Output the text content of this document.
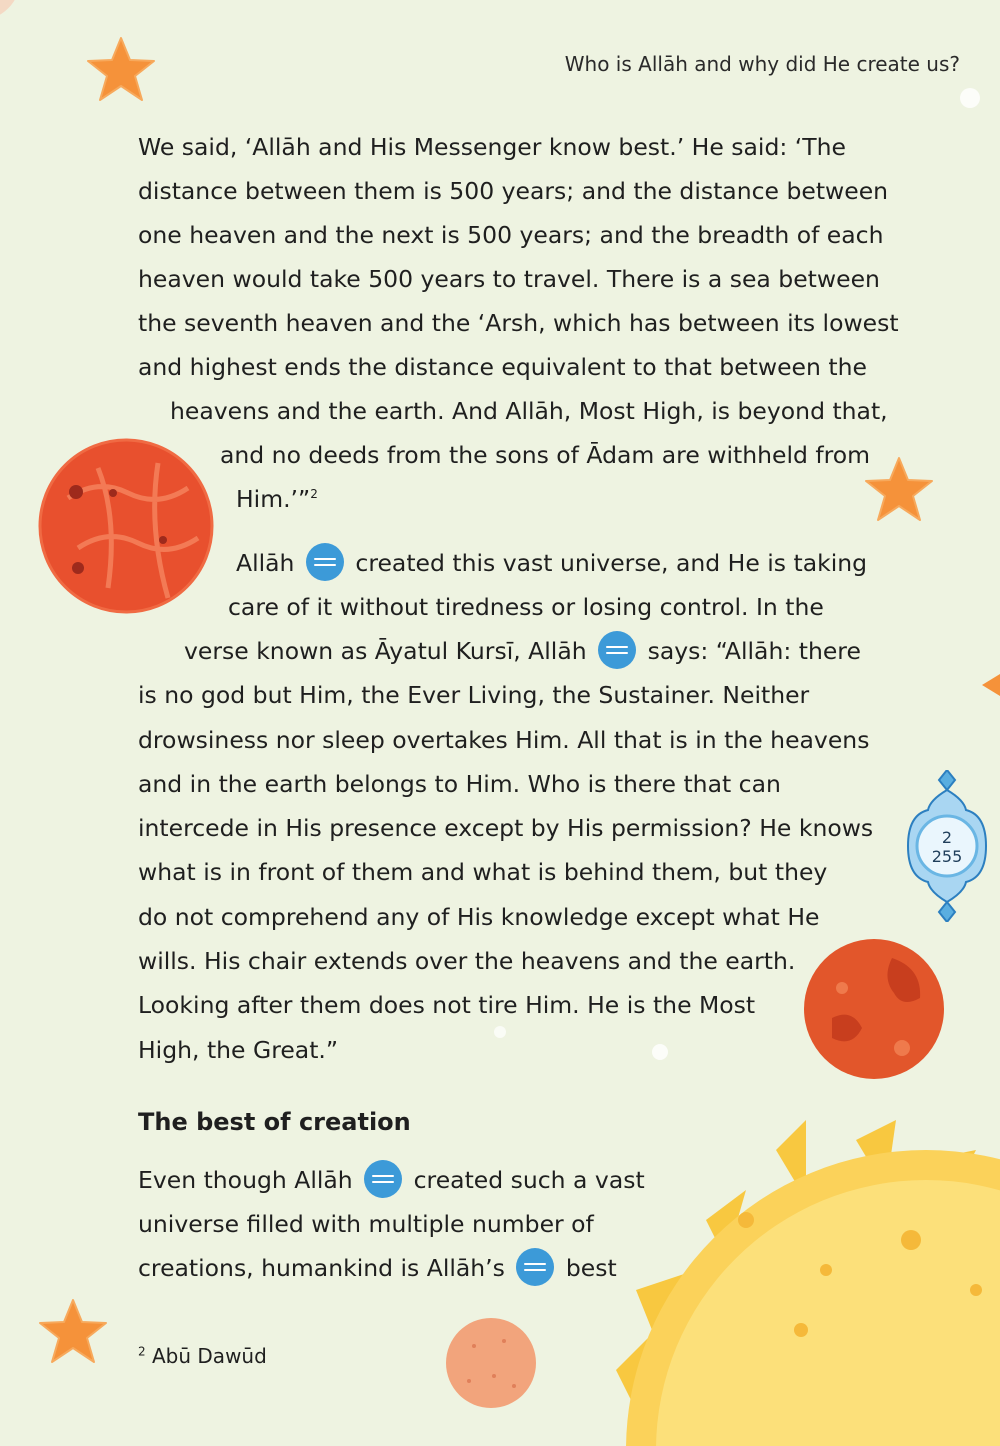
2
255
Who is Allāh and why did He create us?
We said, ‘Allāh and His Messenger know best.’ He said: ‘The
distance between them is 500 years; and the distance between
one heaven and the next is 500 years; and the breadth of each
heaven would take 500 years to travel. There is a sea between
the seventh heaven and the ‘Arsh, which has between its lowest
and highest ends the distance equivalent to that between the
heavens and the earth. And Allāh, Most High, is beyond that,
and no deeds from the sons of Ādam are withheld from
Him.’”$^2$
Allāh	created this vast universe, and He is taking
care of it without tiredness or losing control. In the
verse known as Āyatul Kursī, Allāh	says: “Allāh: there
is no god but Him, the Ever Living, the Sustainer. Neither
drowsiness nor sleep overtakes Him. All that is in the heavens
and in the earth belongs to Him. Who is there that can
intercede in His presence except by His permission? He knows
what is in front of them and what is behind them, but they
do not comprehend any of His knowledge except what He
wills. His chair extends over the heavens and the earth.
Looking after them does not tire Him. He is the Most
High, the Great.”
The best of creation
Even though Allāh	created such a vast
universe filled with multiple number of
creations, humankind is Allāh’s	best
$^2$ Abū Dawūd
